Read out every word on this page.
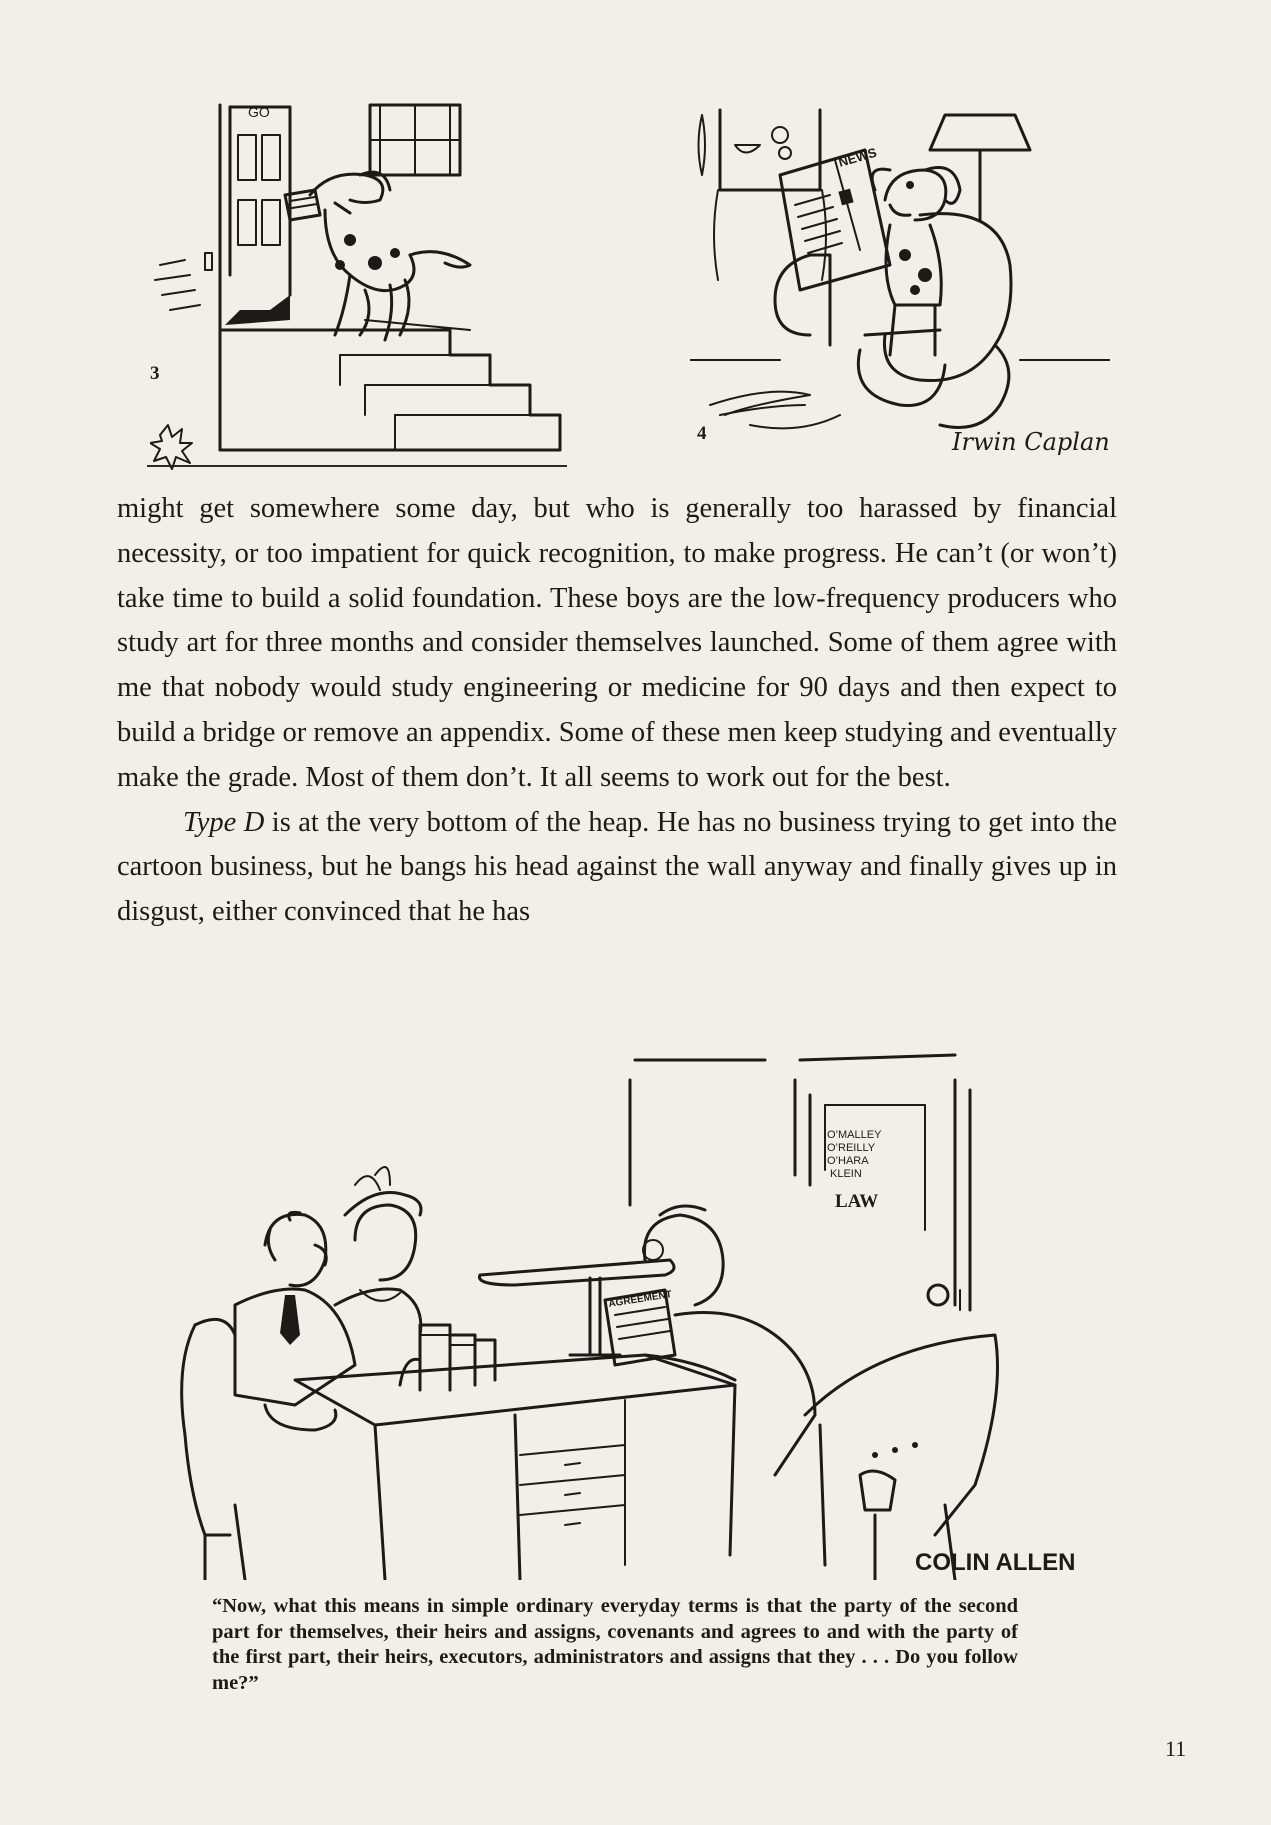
GO
3
NEWS
Irwin Caplan
4

might get somewhere some day, but who is generally too harassed by financial necessity, or too impatient for quick recognition, to make progress. He can’t (or won’t) take time to build a solid foundation. These boys are the low-frequency producers who study art for three months and consider themselves launched. Some of them agree with me that nobody would study engineering or medicine for 90 days and then expect to build a bridge or remove an appendix. Some of these men keep studying and eventually make the grade. Most of them don’t. It all seems to work out for the best.

Type D is at the very bottom of the heap. He has no business trying to get into the cartoon business, but he bangs his head against the wall anyway and finally gives up in disgust, either convinced that he has

O’MALLEY
O’REILLY
O’HARA
KLEIN
LAW
AGREEMENT
COLIN ALLEN
“Now, what this means in simple ordinary everyday terms is that the party of the second part for themselves, their heirs and assigns, covenants and agrees to and with the party of the first part, their heirs, executors, administrators and assigns that they . . . Do you follow me?”
11
